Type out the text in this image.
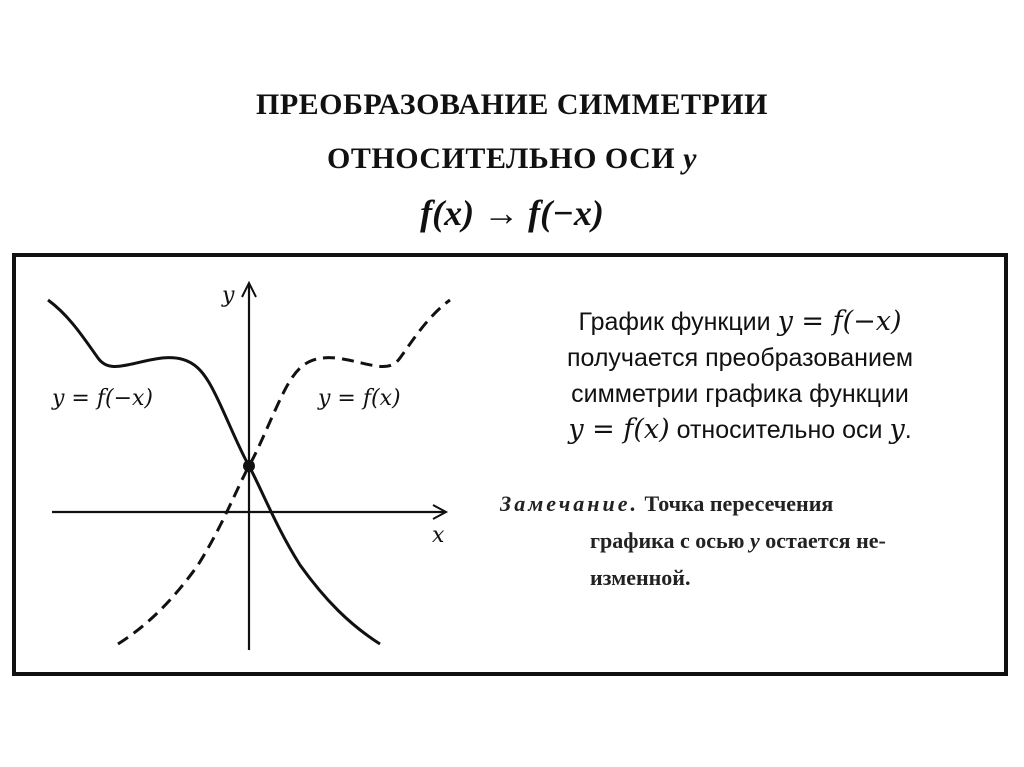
ПРЕОБРАЗОВАНИЕ СИММЕТРИИ
ОТНОСИТЕЛЬНО ОСИ y
f(x) → f(−x)
y
x
y = f(−x)	y = f(x)
График функции y = f(−x)
получается преобразованием
симметрии графика функции
y = f(x) относительно оси y.
Замечание. Точка пересечения
графика с осью y остается не-
изменной.
